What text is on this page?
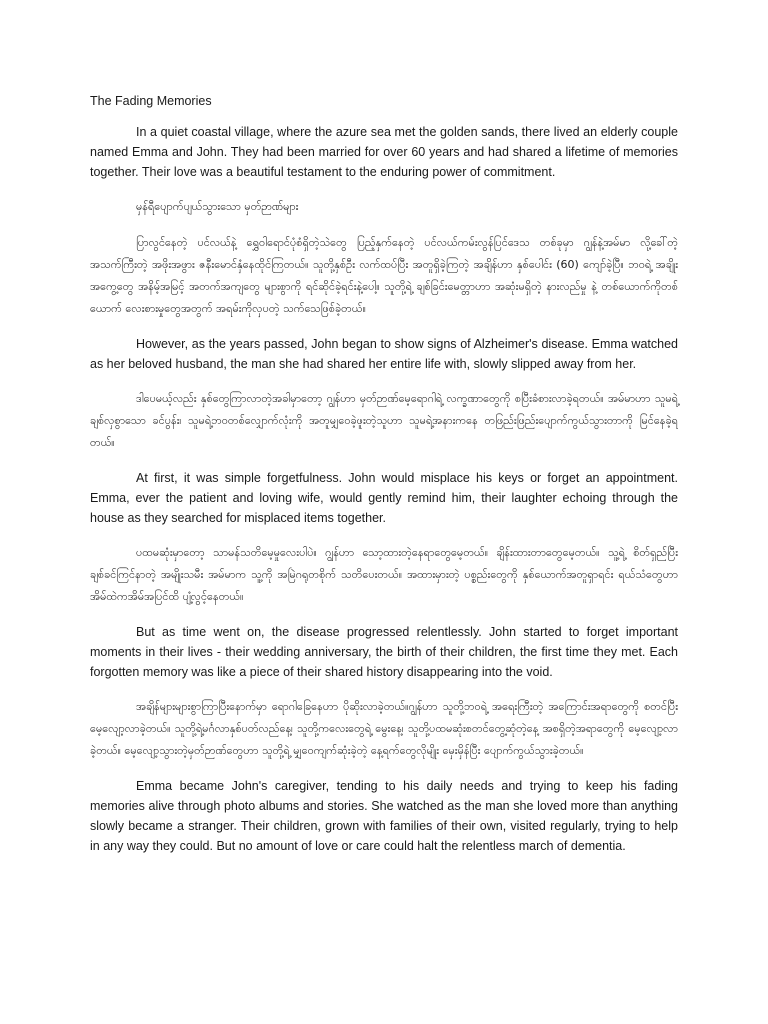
The Fading Memories

In a quiet coastal village, where the azure sea met the golden sands, there lived an elderly couple named Emma and John. They had been married for over 60 years and had shared a lifetime of memories together. Their love was a beautiful testament to the enduring power of commitment.

မှန်ရီပျောက်ပျယ်သွားသော မှတ်ဉာဏ်များ

ပြာလွင်နေတဲ့ ပင်လယ်နဲ့ ရွှေဝါရောင်ပုံစံရှိတဲ့သဲတွေ ပြည့်နှက်နေတဲ့ ပင်လယ်ကမ်းလွန်ပြင်ဒေသ တစ်ခုမှာ ဂျွန်နဲ့အမ်မာ လို့ခေါ်တဲ့ အသက်ကြီးတဲ့ အဖိုးအဖွား ဇနီးမောင်နှံနေထိုင်ကြတယ်။ သူတို့နှစ်ဦး လက်ထပ်ပြီး အတူရှိခဲ့ကြတဲ့ အချိန်ဟာ နှစ်ပေါင်း (60) ကျော်ခဲ့ပြီ။ ဘဝရဲ့ အချိုးအကွေ့တွေ အနိမ့်အမြင့် အတက်အကျတွေ များစွာကို ရင်ဆိုင်ခဲ့ရင်းနဲ့ပေါ့။ သူတို့ရဲ့ ချစ်ခြင်းမေတ္တာဟာ အဆုံးမရှိတဲ့ နားလည်မှု နဲ့ တစ်ယောက်ကိုတစ်ယောက် လေးစားမှုတွေအတွက် အရမ်းကိုလှပတဲ့ သက်သေဖြစ်ခဲ့တယ်။

However, as the years passed, John began to show signs of Alzheimer's disease. Emma watched as her beloved husband, the man she had shared her entire life with, slowly slipped away from her.

ဒါပေမယ့်လည်း နှစ်တွေကြာလာတဲ့အခါမှာတော့ ဂျွန်ဟာ မှတ်ဉာဏ်မေ့ရောဂါရဲ့ လက္ခဏာတွေကို စပြီးခံစားလာခဲ့ရတယ်။ အမ်မာဟာ သူမရဲ့ချစ်လှစွာသော ခင်ပွန်း၊ သူမရဲ့ဘဝတစ်လျှောက်လုံးကို အတူမျှဝေခဲ့ဖူးတဲ့သူဟာ သူမရဲ့အနားကနေ တဖြည်းဖြည်းပျောက်ကွယ်သွားတာကို မြင်နေခဲ့ရတယ်။

At first, it was simple forgetfulness. John would misplace his keys or forget an appointment. Emma, ever the patient and loving wife, would gently remind him, their laughter echoing through the house as they searched for misplaced items together.

ပထမဆုံးမှာတော့ သာမန်သတိမေ့မှုလေးပါပဲ။ ဂျွန်ဟာ သော့ထားတဲ့နေရာတွေမေ့တယ်။ ချိန်းထားတာတွေမေ့တယ်။ သူ့ရဲ့ စိတ်ရှည်ပြီး ချစ်ခင်ကြင်နာတဲ့ အမျိုးသမီး အမ်မာက သူ့ကို အမြဲဂရုတစိုက် သတိပေးတယ်။ အထားမှားတဲ့ ပစ္စည်းတွေကို နှစ်ယောက်အတူရှာရင်း ရယ်သံတွေဟာ အိမ်ထဲကအိမ်အပြင်ထိ ပျံ့လွင့်နေတယ်။

But as time went on, the disease progressed relentlessly. John started to forget important moments in their lives - their wedding anniversary, the birth of their children, the first time they met. Each forgotten memory was like a piece of their shared history disappearing into the void.

အချိန်များများစွာကြာပြီးနောက်မှာ ရောဂါခြေနေဟာ ပိုဆိုးလာခဲ့တယ်။ဂျွန်ဟာ သူတို့ဘဝရဲ့ အရေးကြီးတဲ့ အကြောင်းအရာတွေကို စတင်ပြီးမေ့လျော့လာခဲ့တယ်။ သူတို့ရဲ့မင်္ဂလာနှစ်ပတ်လည်နေ့၊ သူတို့ကလေးတွေရဲ့ မွေးနေ့၊ သူတို့ပထမဆုံးစတင်တွေ့ဆုံတဲ့နေ့ အစရှိတဲ့အရာတွေကို မေ့လျော့လာခဲ့တယ်။ မေ့လျော့သွားတဲ့မှတ်ဉာဏ်တွေဟာ သူတို့ရဲ့ မျှဝေကျက်ဆုံးခဲ့တဲ့ နေ့ရက်တွေလိုမျိုး မှေးမှိန်ပြီး ပျောက်ကွယ်သွားခဲ့တယ်။

Emma became John's caregiver, tending to his daily needs and trying to keep his fading memories alive through photo albums and stories. She watched as the man she loved more than anything slowly became a stranger. Their children, grown with families of their own, visited regularly, trying to help in any way they could. But no amount of love or care could halt the relentless march of dementia.
